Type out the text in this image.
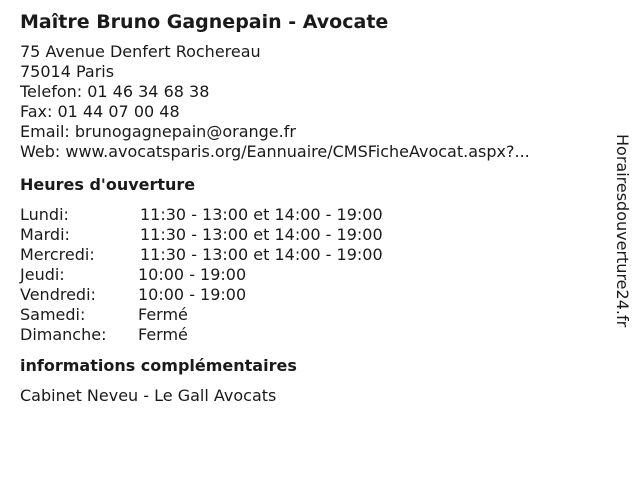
Maître Bruno Gagnepain - Avocate
75 Avenue Denfert Rochereau
75014 Paris
Telefon: 01 46 34 68 38
Fax: 01 44 07 00 48
Email: brunogagnepain@orange.fr
Web: www.avocatsparis.org/Eannuaire/CMSFicheAvocat.aspx?...
Heures d'ouverture
Lundi:	11:30 - 13:00 et 14:00 - 19:00
Mardi:	11:30 - 13:00 et 14:00 - 19:00
Mercredi:	11:30 - 13:00 et 14:00 - 19:00
Jeudi:	10:00 - 19:00
Vendredi:	10:00 - 19:00
Samedi:	Fermé
Dimanche:	Fermé
informations complémentaires
Cabinet Neveu - Le Gall Avocats
Horairesdouverture24.fr
